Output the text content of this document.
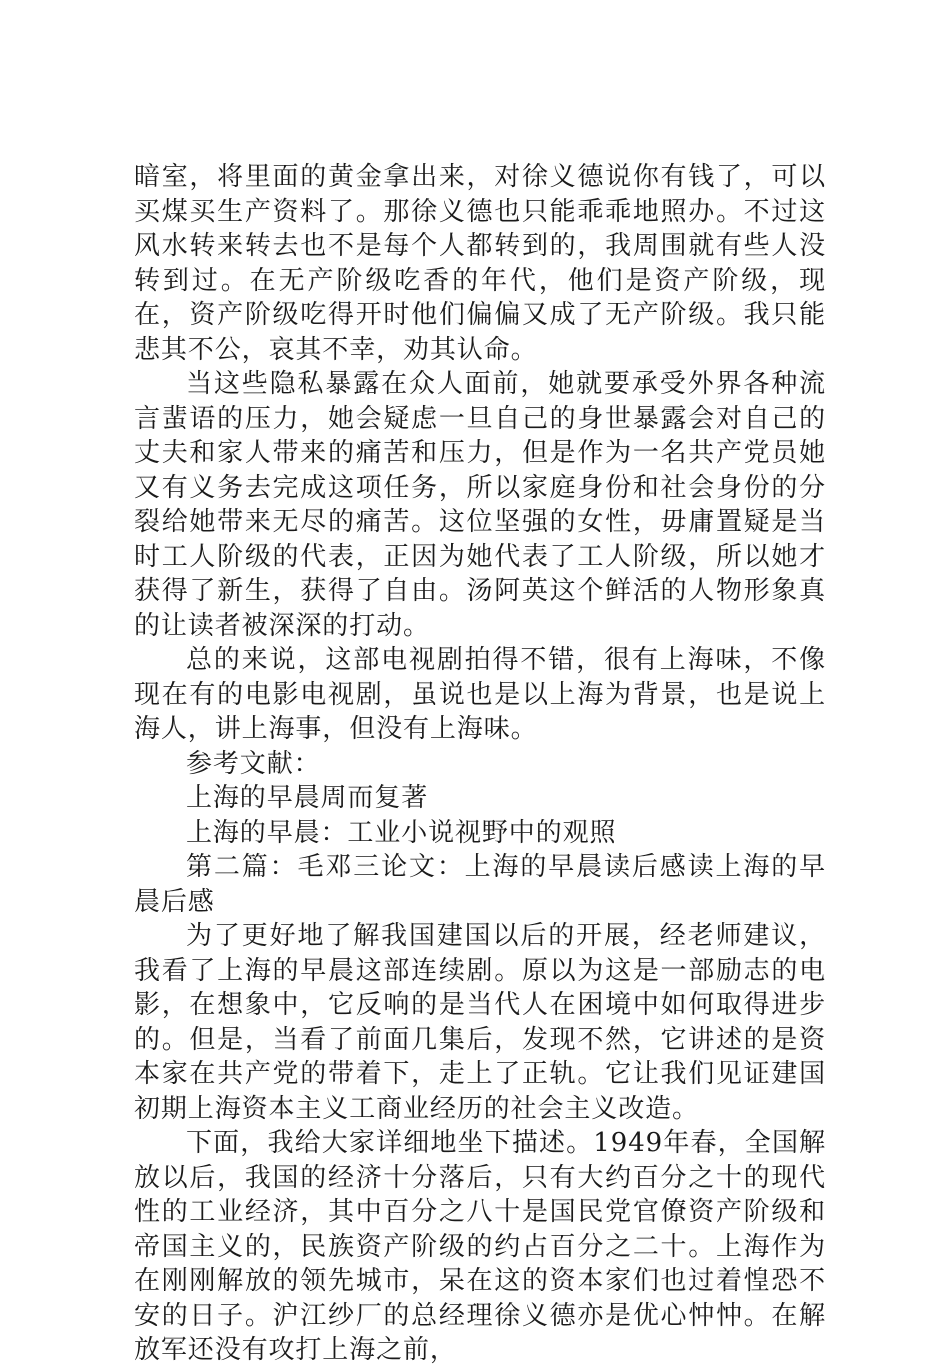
暗室，将里面的黄金拿出来，对徐义德说你有钱了，可以买煤买生产资料了。那徐义德也只能乖乖地照办。不过这风水转来转去也不是每个人都转到的，我周围就有些人没转到过。在无产阶级吃香的年代，他们是资产阶级，现在，资产阶级吃得开时他们偏偏又成了无产阶级。我只能悲其不公，哀其不幸，劝其认命。

当这些隐私暴露在众人面前，她就要承受外界各种流言蜚语的压力，她会疑虑一旦自己的身世暴露会对自己的丈夫和家人带来的痛苦和压力，但是作为一名共产党员她又有义务去完成这项任务，所以家庭身份和社会身份的分裂给她带来无尽的痛苦。这位坚强的女性，毋庸置疑是当时工人阶级的代表，正因为她代表了工人阶级，所以她才获得了新生，获得了自由。汤阿英这个鲜活的人物形象真的让读者被深深的打动。

总的来说，这部电视剧拍得不错，很有上海味，不像现在有的电影电视剧，虽说也是以上海为背景，也是说上海人，讲上海事，但没有上海味。

参考文献：

上海的早晨周而复著

上海的早晨：工业小说视野中的观照

第二篇：毛邓三论文：上海的早晨读后感读上海的早晨后感

为了更好地了解我国建国以后的开展，经老师建议，我看了上海的早晨这部连续剧。原以为这是一部励志的电影，在想象中，它反响的是当代人在困境中如何取得进步的。但是，当看了前面几集后，发现不然，它讲述的是资本家在共产党的带着下，走上了正轨。它让我们见证建国初期上海资本主义工商业经历的社会主义改造。

下面，我给大家详细地坐下描述。1949年春，全国解放以后，我国的经济十分落后，只有大约百分之十的现代性的工业经济，其中百分之八十是国民党官僚资产阶级和帝国主义的，民族资产阶级的约占百分之二十。上海作为在刚刚解放的领先城市，呆在这的资本家们也过着惶恐不安的日子。沪江纱厂的总经理徐义德亦是优心忡忡。在解放军还没有攻打上海之前，
